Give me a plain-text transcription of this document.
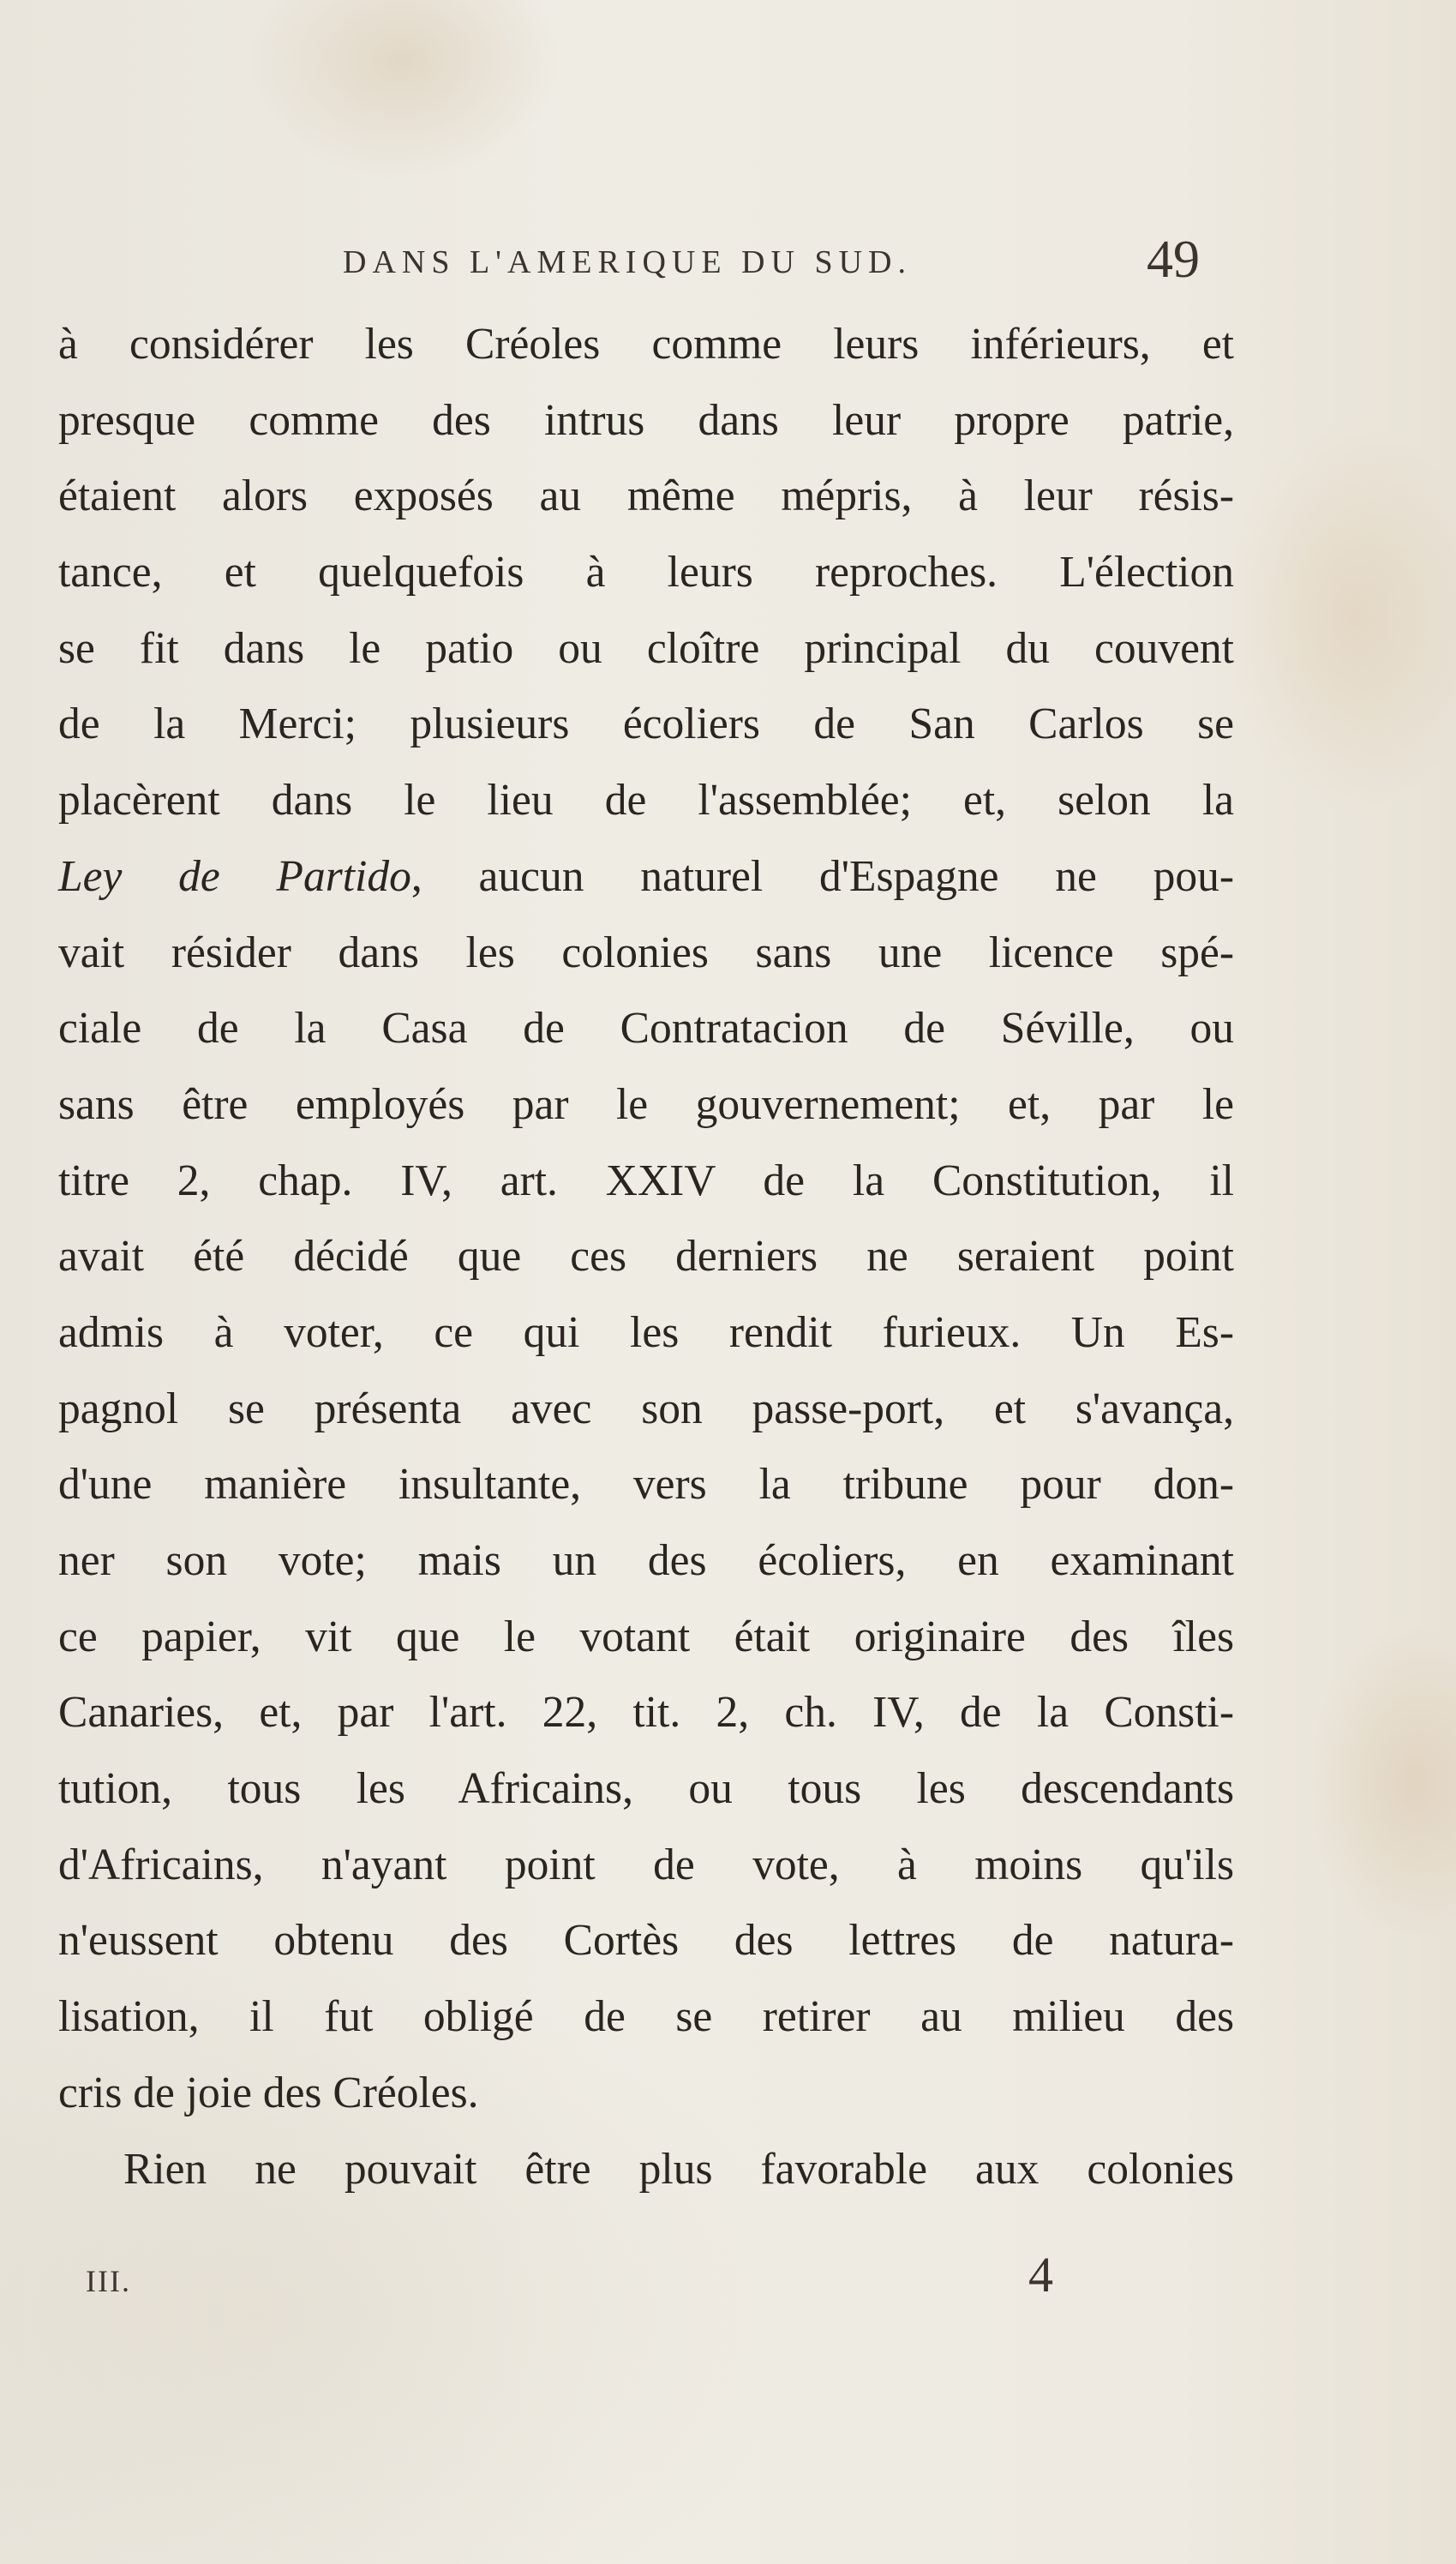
DANS L'AMERIQUE DU SUD.	49
à considérer les Créoles comme leurs inférieurs, et
presque comme des intrus dans leur propre patrie,
étaient alors exposés au même mépris, à leur résis-
tance, et quelquefois à leurs reproches. L'élection
se fit dans le patio ou cloître principal du couvent
de la Merci; plusieurs écoliers de San Carlos se
placèrent dans le lieu de l'assemblée; et, selon la
Ley de Partido, aucun naturel d'Espagne ne pou-
vait résider dans les colonies sans une licence spé-
ciale de la Casa de Contratacion de Séville, ou
sans être employés par le gouvernement; et, par le
titre 2, chap. IV, art. XXIV de la Constitution, il
avait été décidé que ces derniers ne seraient point
admis à voter, ce qui les rendit furieux. Un Es-
pagnol se présenta avec son passe-port, et s'avança,
d'une manière insultante, vers la tribune pour don-
ner son vote; mais un des écoliers, en examinant
ce papier, vit que le votant était originaire des îles
Canaries, et, par l'art. 22, tit. 2, ch. IV, de la Consti-
tution, tous les Africains, ou tous les descendants
d'Africains, n'ayant point de vote, à moins qu'ils
n'eussent obtenu des Cortès des lettres de natura-
lisation, il fut obligé de se retirer au milieu des
cris de joie des Créoles.
Rien ne pouvait être plus favorable aux colonies
III.	4
